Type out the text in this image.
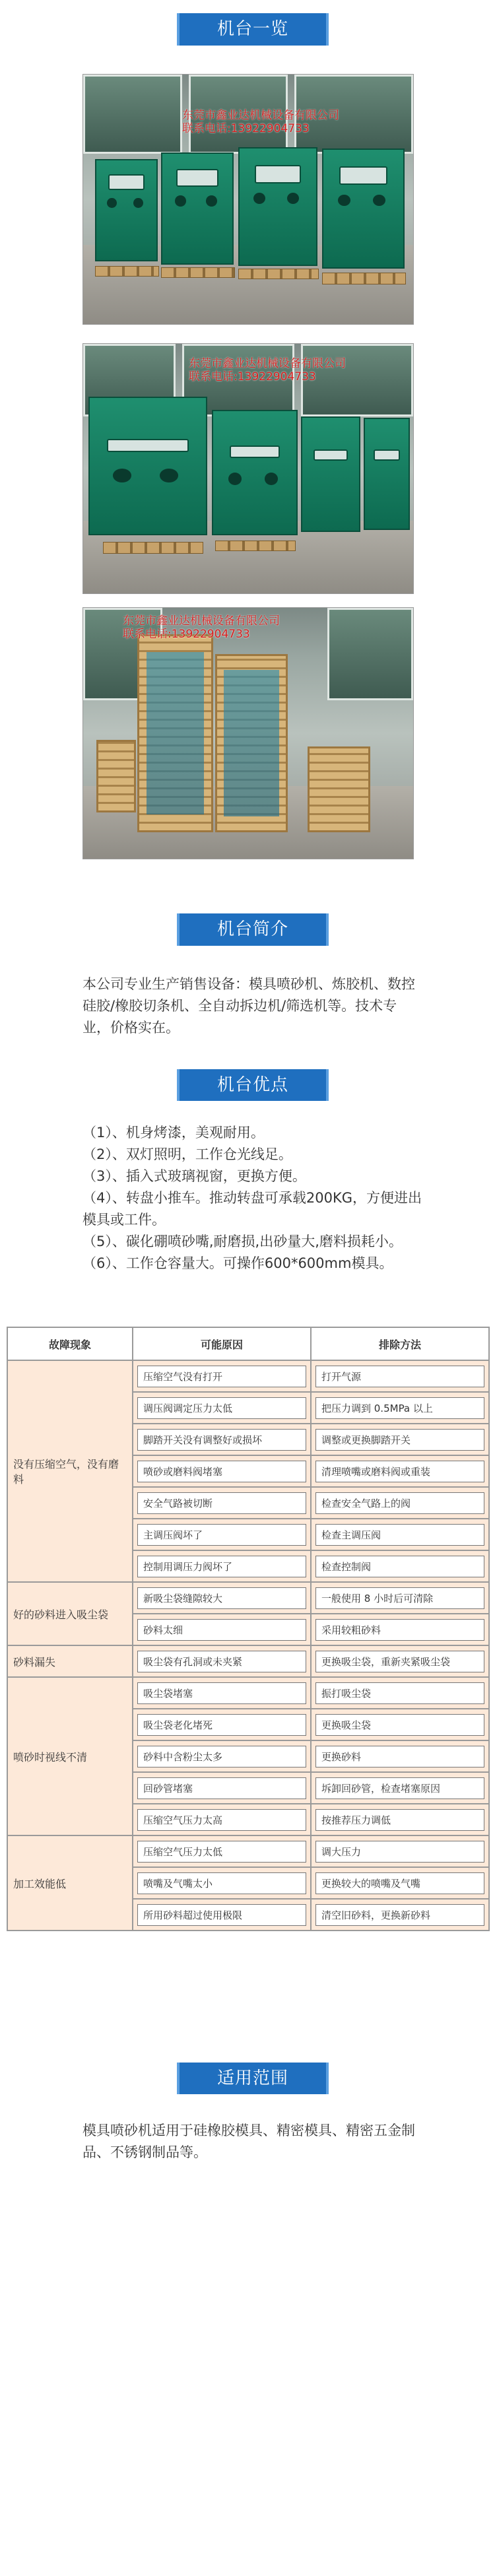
机台一览
东莞市鑫业达机械设备有限公司
联系电话:13922904733
东莞市鑫业达机械设备有限公司
联系电话:13922904733
东莞市鑫业达机械设备有限公司
联系电话:13922904733
机台简介
本公司专业生产销售设备：模具喷砂机、炼胶机、数控硅胶/橡胶切条机、全自动拆边机/筛选机等。技术专业，价格实在。
机台优点
（1）、机身烤漆，美观耐用。
（2）、双灯照明，工作仓光线足。
（3）、插入式玻璃视窗，更换方便。
（4）、转盘小推车。推动转盘可承载200KG，方便进出模具或工件。
（5）、碳化硼喷砂嘴,耐磨损,出砂量大,磨料损耗小。
（6）、工作仓容量大。可操作600*600mm模具。
故障现象	可能原因	排除方法
没有压缩空气，没有磨料	压缩空气没有打开	打开气源

	调压阀调定压力太低	把压力调到 0.5MPa 以上

	脚踏开关没有调整好或损坏	调整或更换脚踏开关

	喷砂或磨料阀堵塞	清理喷嘴或磨料阀或重装

	安全气路被切断	检查安全气路上的阀

	主调压阀坏了	检查主调压阀

	控制用调压力阀坏了	检查控制阀

好的砂料进入吸尘袋	新吸尘袋缝隙较大	一般使用 8 小时后可清除

	砂料太细	采用较粗砂料

砂料漏失	吸尘袋有孔洞或未夹紧	更换吸尘袋，重新夹紧吸尘袋

喷砂时视线不清	吸尘袋堵塞	振打吸尘袋

	吸尘袋老化堵死	更换吸尘袋

	砂料中含粉尘太多	更换砂料

	回砂管堵塞	坼卸回砂管，检查堵塞原因

	压缩空气压力太高	按推荐压力调低

加工效能低	压缩空气压力太低	调大压力

	喷嘴及气嘴太小	更换较大的喷嘴及气嘴

	所用砂料超过使用极限	清空旧砂料，更换新砂料
适用范围
模具喷砂机适用于硅橡胶模具、精密模具、精密五金制品、不锈钢制品等。
